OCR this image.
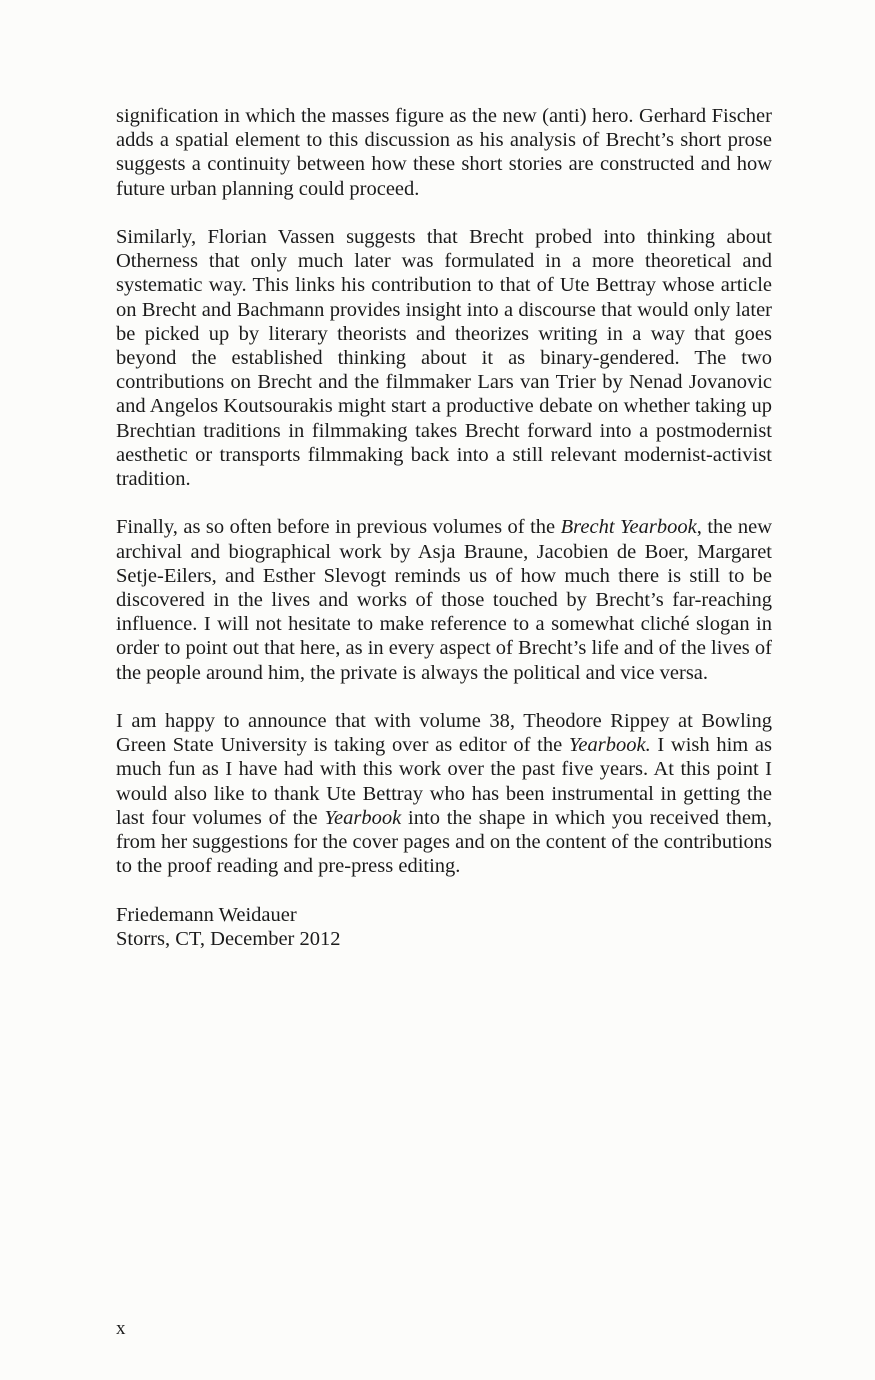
signification in which the masses figure as the new (anti) hero. Gerhard Fischer adds a spatial element to this discussion as his analysis of Brecht’s short prose suggests a continuity between how these short stories are constructed and how future urban planning could proceed.

Similarly, Florian Vassen suggests that Brecht probed into thinking about Otherness that only much later was formulated in a more theoretical and systematic way. This links his contribution to that of Ute Bettray whose article on Brecht and Bachmann provides insight into a discourse that would only later be picked up by literary theorists and theorizes writing in a way that goes beyond the established thinking about it as binary-gendered. The two contributions on Brecht and the filmmaker Lars van Trier by Nenad Jovanovic and Angelos Koutsourakis might start a productive debate on whether taking up Brechtian traditions in filmmaking takes Brecht forward into a postmodernist aesthetic or transports filmmaking back into a still relevant modernist-activist tradition.

Finally, as so often before in previous volumes of the Brecht Yearbook, the new archival and biographical work by Asja Braune, Jacobien de Boer, Margaret Setje-Eilers, and Esther Slevogt reminds us of how much there is still to be discovered in the lives and works of those touched by Brecht’s far-reaching influence. I will not hesitate to make reference to a somewhat cliché slogan in order to point out that here, as in every aspect of Brecht’s life and of the lives of the people around him, the private is always the political and vice versa.

I am happy to announce that with volume 38, Theodore Rippey at Bowling Green State University is taking over as editor of the Yearbook. I wish him as much fun as I have had with this work over the past five years. At this point I would also like to thank Ute Bettray who has been instrumental in getting the last four volumes of the Yearbook into the shape in which you received them, from her suggestions for the cover pages and on the content of the contributions to the proof reading and pre-press editing.

Friedemann Weidauer
Storrs, CT, December 2012
x
